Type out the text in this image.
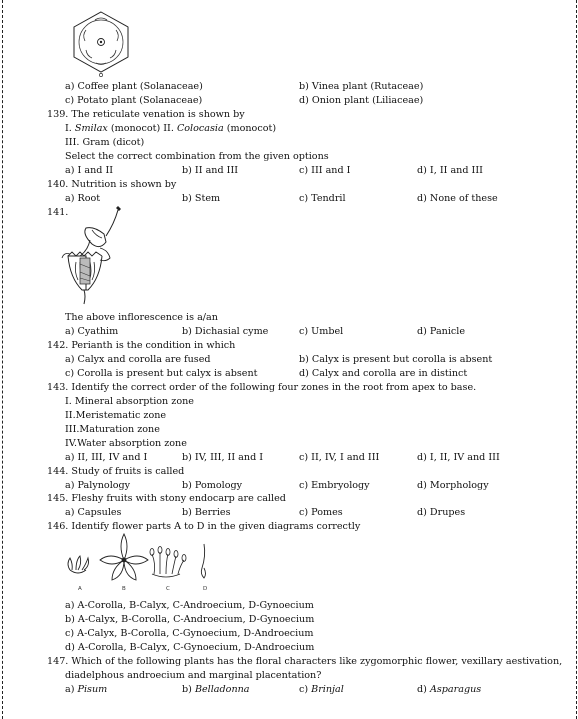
A	B	C	D
a) Coffee plant (Solanaceae)	b) Vinea plant (Rutaceae)
c) Potato plant (Solanaceae)	d) Onion plant (Liliaceae)
139. The reticulate venation is shown by
I. Smilax (monocot) II. Colocasia (monocot)
III. Gram (dicot)
Select the correct combination from the given options
a) I and II	b) II and III	c) III and I	d) I, II and III
140. Nutrition is shown by
a) Root	b) Stem	c) Tendril	d) None of these
141.
The above inflorescence is a/an
a) Cyathim	b) Dichasial cyme	c) Umbel	d) Panicle
142. Perianth is the condition in which
a) Calyx and corolla are fused	b) Calyx is present but corolla is absent
c) Corolla is present but calyx is absent	d) Calyx and corolla are in distinct
143. Identify the correct order of the following four zones in the root from apex to base.
I. Mineral absorption zone
II.Meristematic zone
III.Maturation zone
IV.Water absorption zone
a) II, III, IV and I	b) IV, III, II and I	c) II, IV, I and III	d) I, II, IV and III
144. Study of fruits is called
a) Palynology	b) Pomology	c) Embryology	d) Morphology
145. Fleshy fruits with stony endocarp are called
a) Capsules	b) Berries	c) Pomes	d) Drupes
146. Identify flower parts A to D in the given diagrams correctly
a) A-Corolla, B-Calyx, C-Androecium, D-Gynoecium
b) A-Calyx, B-Corolla, C-Androecium, D-Gynoecium
c) A-Calyx, B-Corolla, C-Gynoecium, D-Androecium
d) A-Corolla, B-Calyx, C-Gynoecium, D-Androecium
147. Which of the following plants has the floral characters like zygomorphic flower, vexillary aestivation,
diadelphous androecium and marginal placentation?
a) Pisum	b) Belladonna	c) Brinjal	d) Asparagus
